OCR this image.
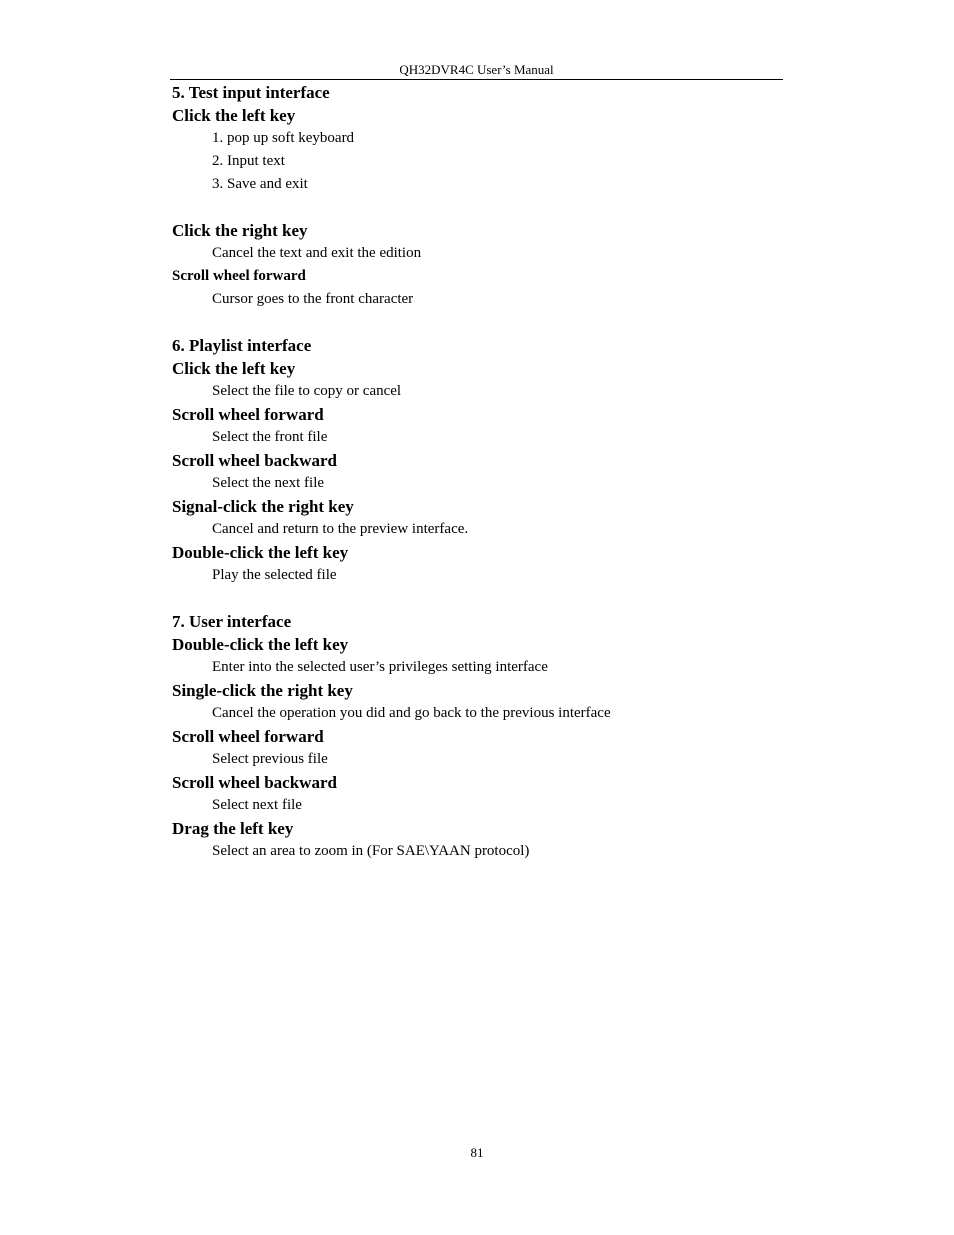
QH32DVR4C User’s Manual
5. Test input interface
Click the left key
1. pop up soft keyboard
2. Input text
3. Save and exit
Click the right key
Cancel the text and exit the edition
Scroll wheel forward
Cursor goes to the front character
6. Playlist interface
Click the left key
Select the file to copy or cancel
Scroll wheel forward
Select the front file
Scroll wheel backward
Select the next file
Signal-click the right key
Cancel and return to the preview interface.
Double-click the left key
Play the selected file
7. User interface
Double-click the left key
Enter into the selected user’s privileges setting interface
Single-click the right key
Cancel the operation you did and go back to the previous interface
Scroll wheel forward
Select previous file
Scroll wheel backward
Select next file
Drag the left key
Select an area to zoom in (For SAE\YAAN protocol)
81
